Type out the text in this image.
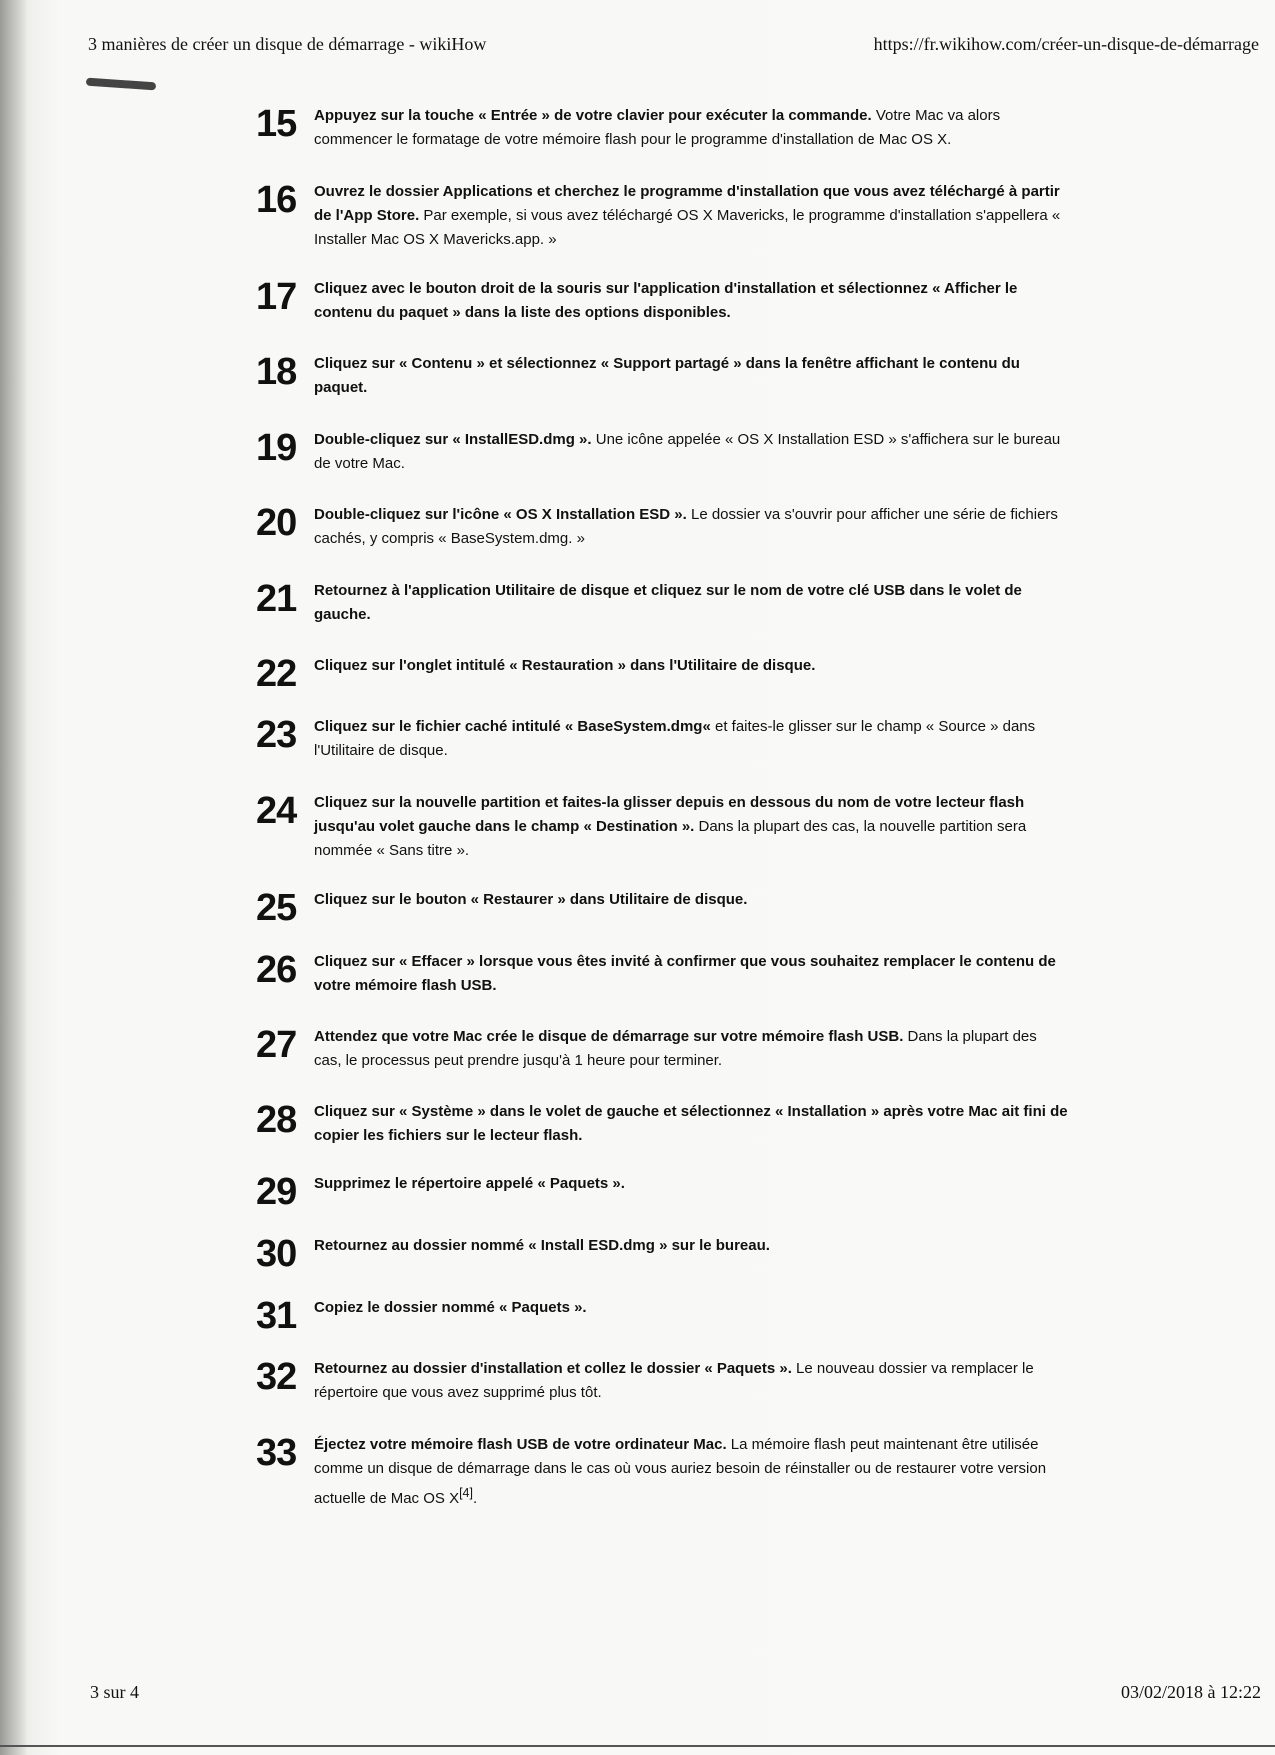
3 manières de créer un disque de démarrage - wikiHow	https://fr.wikihow.com/créer-un-disque-de-démarrage
15 Appuyez sur la touche « Entrée » de votre clavier pour exécuter la commande. Votre Mac va alors commencer le formatage de votre mémoire flash pour le programme d'installation de Mac OS X.
16 Ouvrez le dossier Applications et cherchez le programme d'installation que vous avez téléchargé à partir de l'App Store. Par exemple, si vous avez téléchargé OS X Mavericks, le programme d'installation s'appellera « Installer Mac OS X Mavericks.app. »
17 Cliquez avec le bouton droit de la souris sur l'application d'installation et sélectionnez « Afficher le contenu du paquet » dans la liste des options disponibles.
18 Cliquez sur « Contenu » et sélectionnez « Support partagé » dans la fenêtre affichant le contenu du paquet.
19 Double-cliquez sur « InstallESD.dmg ». Une icône appelée « OS X Installation ESD » s'affichera sur le bureau de votre Mac.
20 Double-cliquez sur l'icône « OS X Installation ESD ». Le dossier va s'ouvrir pour afficher une série de fichiers cachés, y compris « BaseSystem.dmg. »
21 Retournez à l'application Utilitaire de disque et cliquez sur le nom de votre clé USB dans le volet de gauche.
22 Cliquez sur l'onglet intitulé « Restauration » dans l'Utilitaire de disque.
23 Cliquez sur le fichier caché intitulé « BaseSystem.dmg« et faites-le glisser sur le champ « Source » dans l'Utilitaire de disque.
24 Cliquez sur la nouvelle partition et faites-la glisser depuis en dessous du nom de votre lecteur flash jusqu'au volet gauche dans le champ « Destination ». Dans la plupart des cas, la nouvelle partition sera nommée « Sans titre ».
25 Cliquez sur le bouton « Restaurer » dans Utilitaire de disque.
26 Cliquez sur « Effacer » lorsque vous êtes invité à confirmer que vous souhaitez remplacer le contenu de votre mémoire flash USB.
27 Attendez que votre Mac crée le disque de démarrage sur votre mémoire flash USB. Dans la plupart des cas, le processus peut prendre jusqu'à 1 heure pour terminer.
28 Cliquez sur « Système » dans le volet de gauche et sélectionnez « Installation » après votre Mac ait fini de copier les fichiers sur le lecteur flash.
29 Supprimez le répertoire appelé « Paquets ».
30 Retournez au dossier nommé « Install ESD.dmg » sur le bureau.
31 Copiez le dossier nommé « Paquets ».
32 Retournez au dossier d'installation et collez le dossier « Paquets ». Le nouveau dossier va remplacer le répertoire que vous avez supprimé plus tôt.
33 Éjectez votre mémoire flash USB de votre ordinateur Mac. La mémoire flash peut maintenant être utilisée comme un disque de démarrage dans le cas où vous auriez besoin de réinstaller ou de restaurer votre version actuelle de Mac OS X[4].
3 sur 4	03/02/2018 à 12:22
